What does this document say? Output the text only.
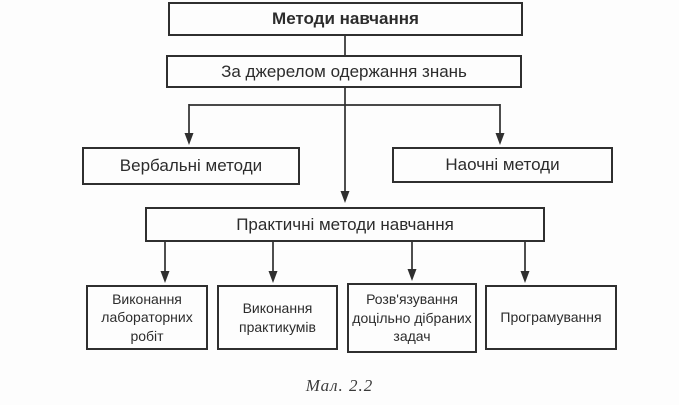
Методи навчання
За джерелом одержання знань
Вербальні методи	Наочні методи
Практичні методи навчання
Виконання лабораторних робіт
Виконання практикумів
Розв'язування доцільно дібраних задач
Програмування
Мал. 2.2
